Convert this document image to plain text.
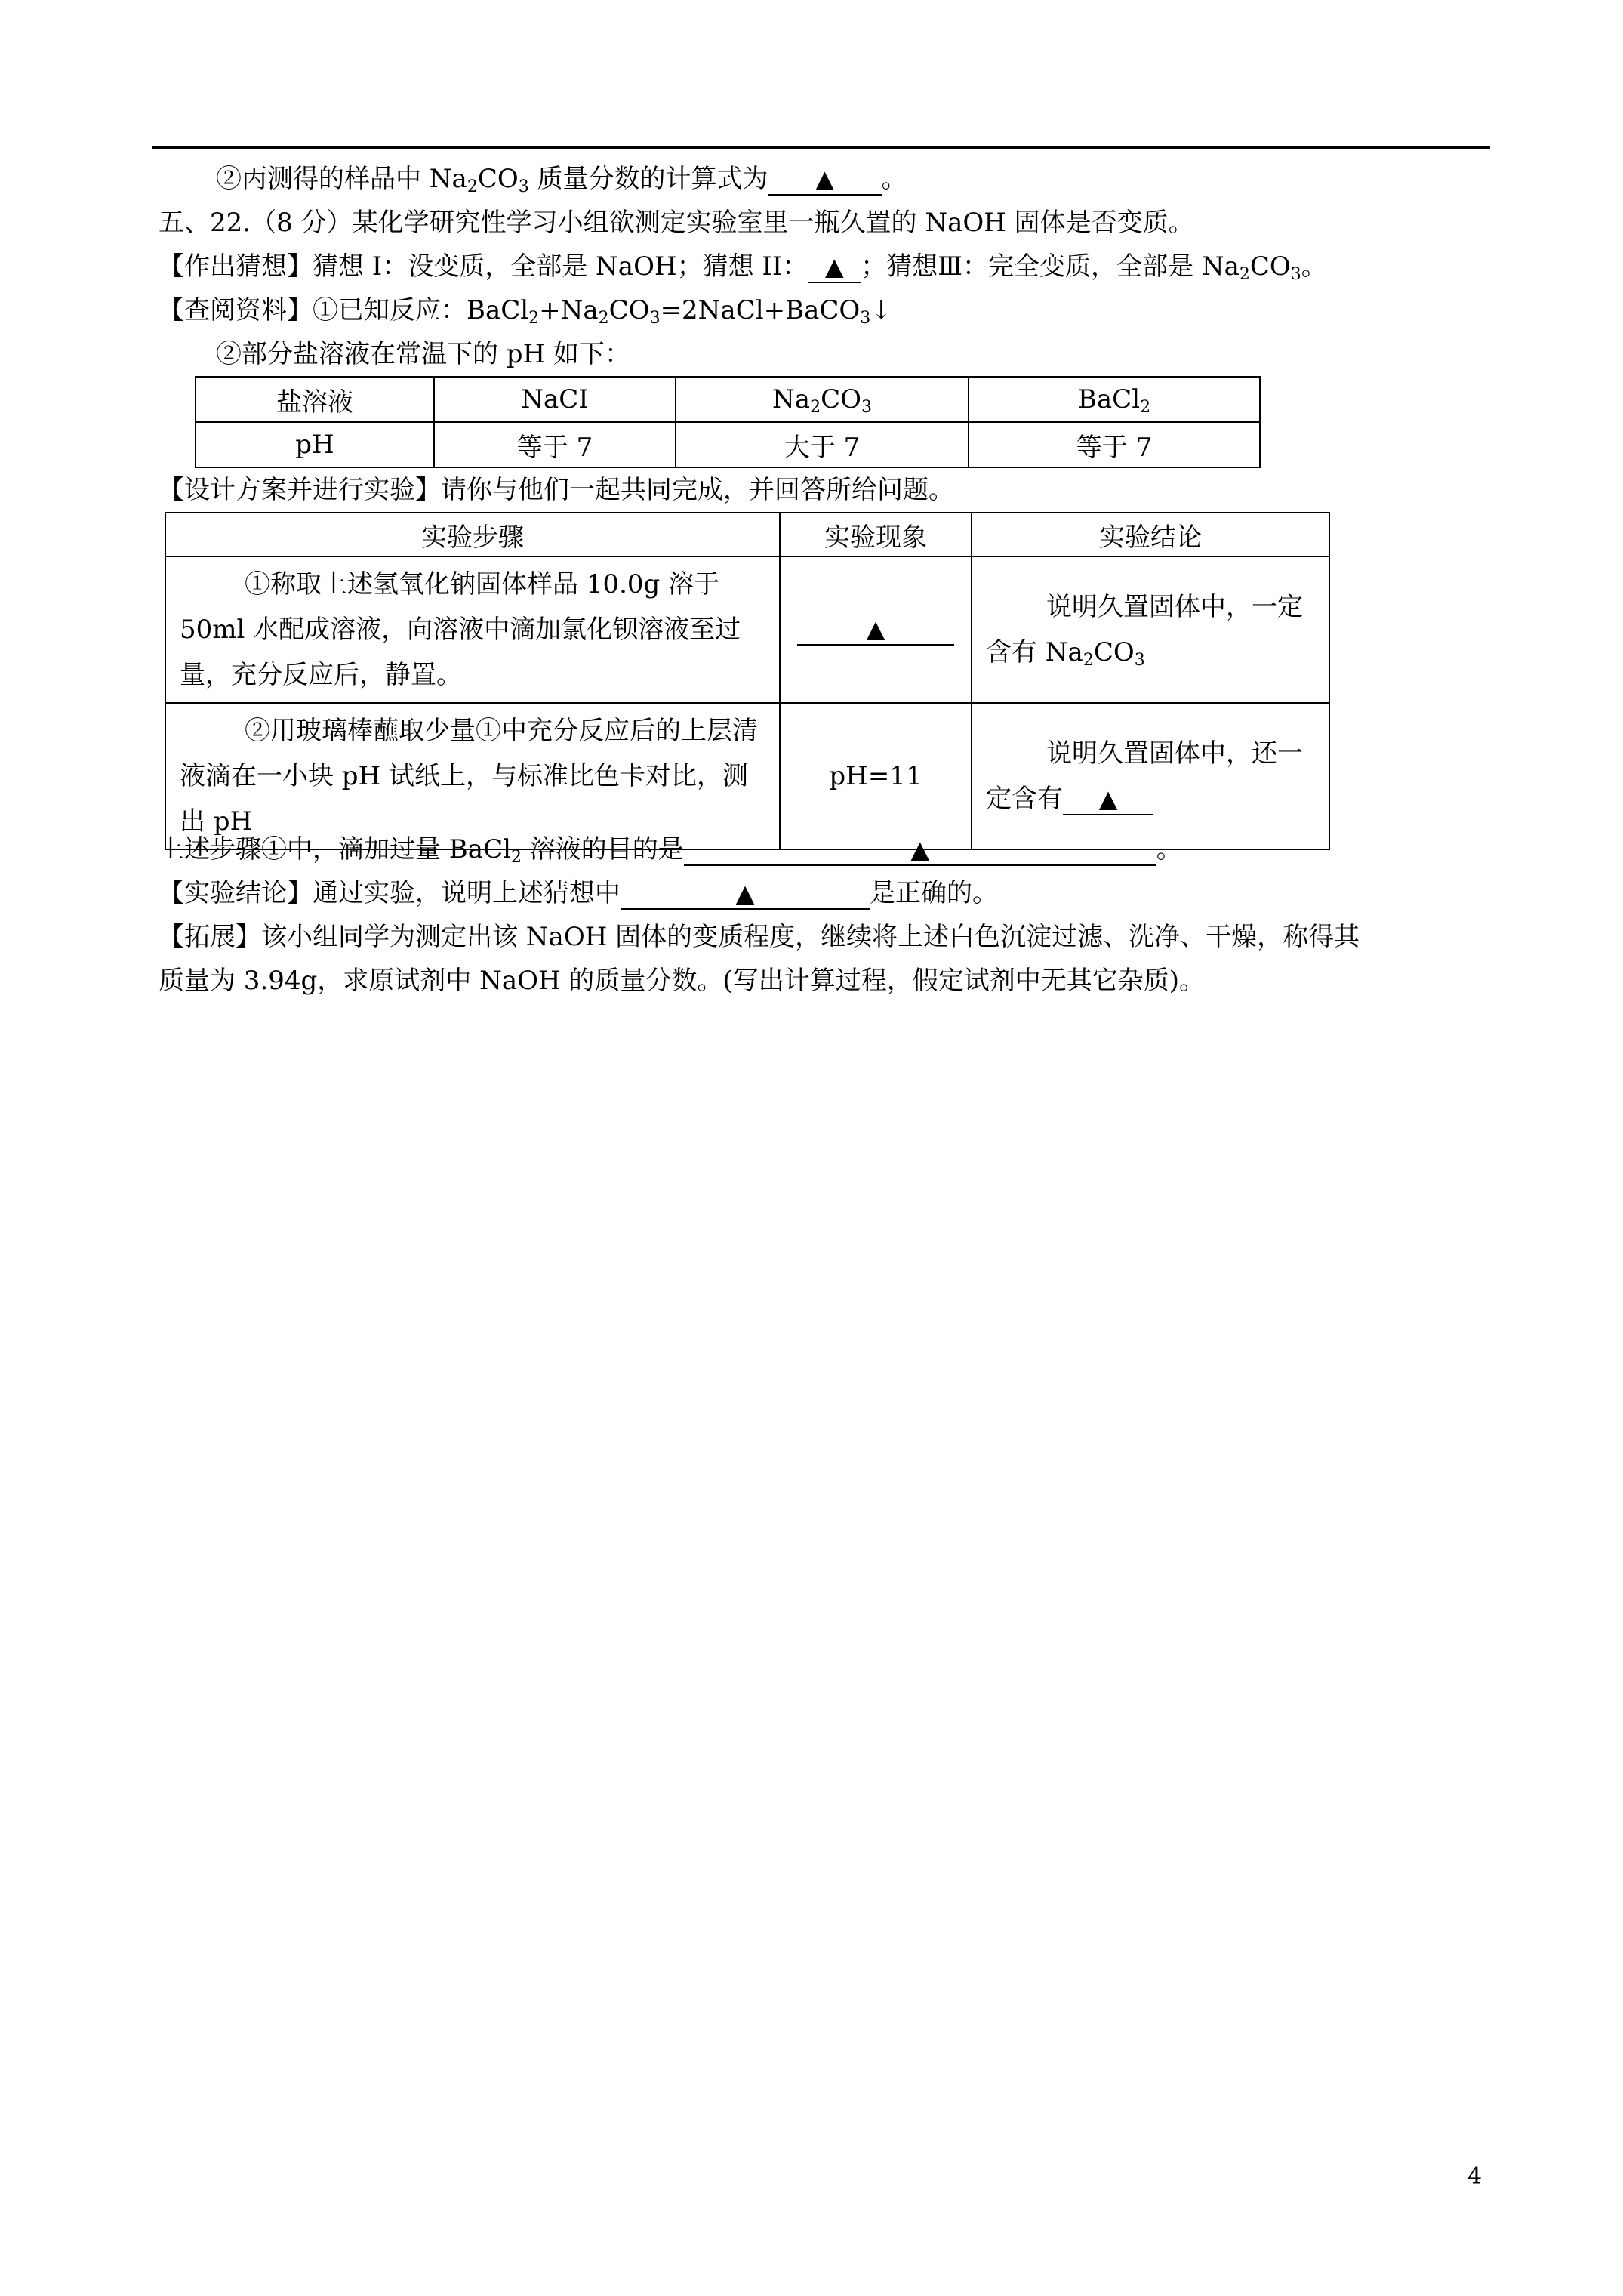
②丙测得的样品中 $Na_2CO_3$ 质量分数的计算式为 ▲ 。
五、22.（8 分）某化学研究性学习小组欲测定实验室里一瓶久置的 NaOH 固体是否变质。
【作出猜想】猜想 I：没变质，全部是 NaOH；猜想 II： ▲ ；猜想Ⅲ：完全变质，全部是 $Na_2CO_3$。
【查阅资料】①已知反应：$BaCl_2+Na_2CO_3=2NaCl+BaCO_3↓$
②部分盐溶液在常温下的 pH 如下：
盐溶液	NaCI	$Na_2CO_3$	BaCl$_2$
pH	等于 7	大于 7	等于 7
【设计方案并进行实验】请你与他们一起共同完成，并回答所给问题。
实验步骤	实验现象	实验结论

①称取上述氢氧化钠固体样品 10.0g 溶于 50ml 水配成溶液，向溶液中滴加氯化钡溶液至过量，充分反应后，静置。	▲	说明久置固体中，一定含有 $Na_2CO_3$

②用玻璃棒蘸取少量①中充分反应后的上层清液滴在一小块 pH 试纸上，与标准比色卡对比，测出 pH	pH=11	说明久置固体中，还一定含有 ▲
上述步骤①中，滴加过量 BaCl$_2$ 溶液的目的是	▲	。
【实验结论】通过实验，说明上述猜想中	▲	是正确的。
【拓展】该小组同学为测定出该 NaOH 固体的变质程度，继续将上述白色沉淀过滤、洗净、干燥，称得其
质量为 3.94g，求原试剂中 NaOH 的质量分数。(写出计算过程，假定试剂中无其它杂质)。
4
